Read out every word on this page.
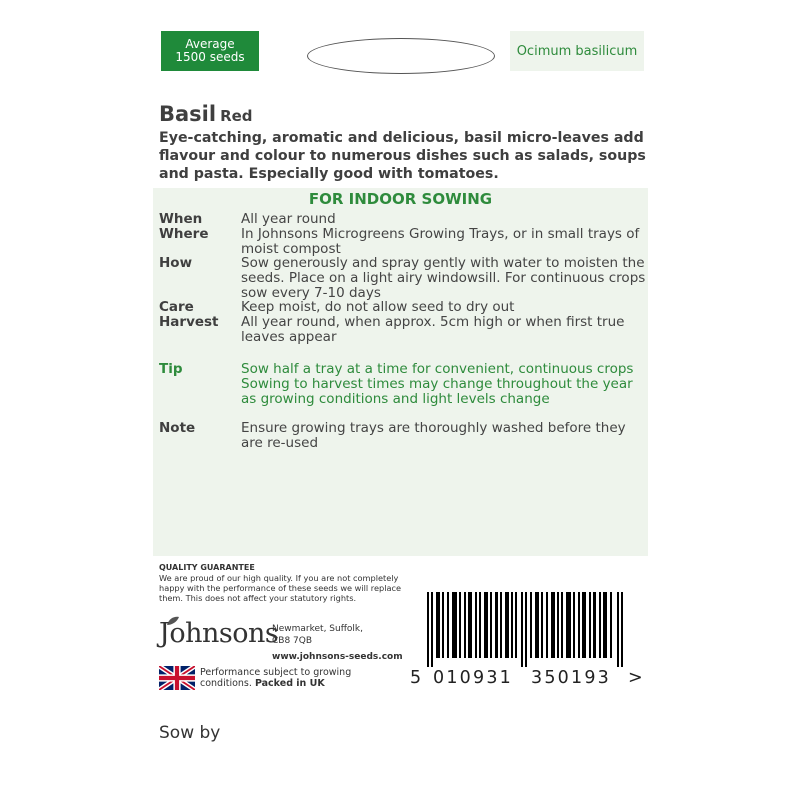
Average
1500 seeds	Ocimum basilicum
Basil Red
Eye-catching, aromatic and delicious, basil micro-leaves add flavour and colour to numerous dishes such as salads, soups and pasta. Especially good with tomatoes.
FOR INDOOR SOWING
When	All year round
Where	In Johnsons Microgreens Growing Trays, or in small trays of moist compost
How	Sow generously and spray gently with water to moisten the seeds. Place on a light airy windowsill. For continuous crops sow every 7-10 days
Care	Keep moist, do not allow seed to dry out
Harvest	All year round, when approx. 5cm high or when first true leaves appear
Tip	Sow half a tray at a time for convenient, continuous crops Sowing to harvest times may change throughout the year as growing conditions and light levels change
Note	Ensure growing trays are thoroughly washed before they are re-used
QUALITY GUARANTEE
We are proud of our high quality. If you are not completely happy with the performance of these seeds we will replace them. This does not affect your statutory rights.
Johnsons
Newmarket, Suffolk,
CB8 7QB
www.johnsons-seeds.com
Performance subject to growing
conditions. Packed in UK	5 010931 350193 >
Sow by
